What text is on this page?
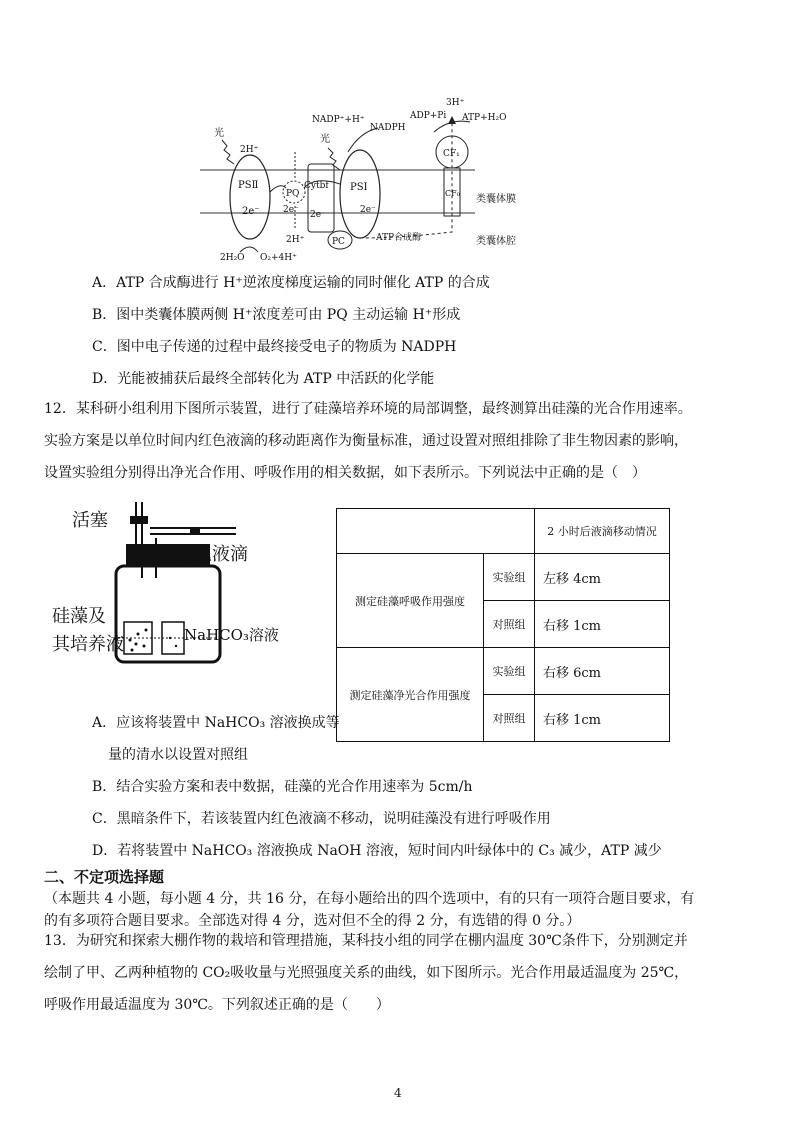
PSⅡ
2e⁻
PQ
2e⁻
Cytbf
2e⁻
PC
PSⅠ
2e⁻
CF₁
CF₀
光
光
2H⁺
NADP⁺+H⁺
NADPH
ADP+Pi
3H⁺
ATP+H₂O
类囊体膜
类囊体腔
2H₂O O₂+4H⁺
2H⁺	ATP合成酶
A．ATP 合成酶进行 H⁺逆浓度梯度运输的同时催化 ATP 的合成
B．图中类囊体膜两侧 H⁺浓度差可由 PQ 主动运输 H⁺形成
C．图中电子传递的过程中最终接受电子的物质为 NADPH
D．光能被捕获后最终全部转化为 ATP 中活跃的化学能
12．某科研小组利用下图所示装置，进行了硅藻培养环境的局部调整，最终测算出硅藻的光合作用速率。
实验方案是以单位时间内红色液滴的移动距离作为衡量标准，通过设置对照组排除了非生物因素的影响，
设置实验组分别得出净光合作用、呼吸作用的相关数据，如下表所示。下列说法中正确的是（　）
活塞
红色液滴
硅藻及
其培养液	NaHCO₃溶液
		2 小时后液滴移动情况
测定硅藻呼吸作用强度	实验组	左移 4cm
	对照组	右移 1cm
测定硅藻净光合作用强度	实验组	右移 6cm
	对照组	右移 1cm
A．应该将装置中 NaHCO₃ 溶液换成等
量的清水以设置对照组
B．结合实验方案和表中数据，硅藻的光合作用速率为 5cm/h
C．黑暗条件下，若该装置内红色液滴不移动，说明硅藻没有进行呼吸作用
D．若将装置中 NaHCO₃ 溶液换成 NaOH 溶液，短时间内叶绿体中的 C₃ 减少，ATP 减少
二、不定项选择题
（本题共 4 小题，每小题 4 分，共 16 分，在每小题给出的四个选项中，有的只有一项符合题目要求，有
的有多项符合题目要求。全部选对得 4 分，选对但不全的得 2 分，有选错的得 0 分。）
13．为研究和探索大棚作物的栽培和管理措施，某科技小组的同学在棚内温度 30℃条件下，分别测定并
绘制了甲、乙两种植物的 CO₂吸收量与光照强度关系的曲线，如下图所示。光合作用最适温度为 25℃，
呼吸作用最适温度为 30℃。下列叙述正确的是（　　）
4
